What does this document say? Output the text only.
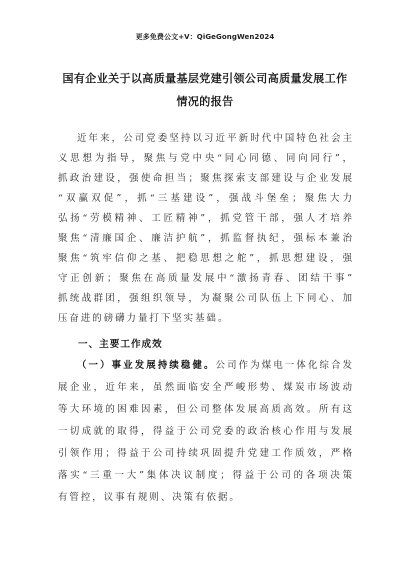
更多免费公文+V：QiGeGongWen2024
国有企业关于以高质量基层党建引领公司高质量发展工作
情况的报告
近年来，公司党委坚持以习近平新时代中国特色社会主
义思想为指导，聚焦与党中央“同心同德、同向同行”，
抓政治建设，强使命担当；聚焦探索支部建设与企业发展
“双赢双促”，抓“三基建设”，强战斗堡垒；聚焦大力
弘扬“劳模精神、工匠精神”，抓党管干部，强人才培养
聚焦“清廉国企、廉洁护航”，抓监督执纪，强标本兼治
聚焦“筑牢信仰之基、把稳思想之舵”，抓思想建设，强
守正创新；聚焦在高质量发展中“激扬青春、团结干事”
抓统战群团，强组织领导，为凝聚公司队伍上下同心、加
压奋进的磅礴力量打下坚实基础。
一、主要工作成效
（一）事业发展持续稳健。公司作为煤电一体化综合发
展企业，近年来，虽然面临安全严峻形势、煤炭市场波动
等大环境的困难因素，但公司整体发展高质高效。所有这
一切成就的取得，得益于公司党委的政治核心作用与发展
引领作用；得益于公司持续巩固提升党建工作质效，严格
落实“三重一大”集体决议制度；得益于公司的各项决策
有管控，议事有规则、决策有依据。
